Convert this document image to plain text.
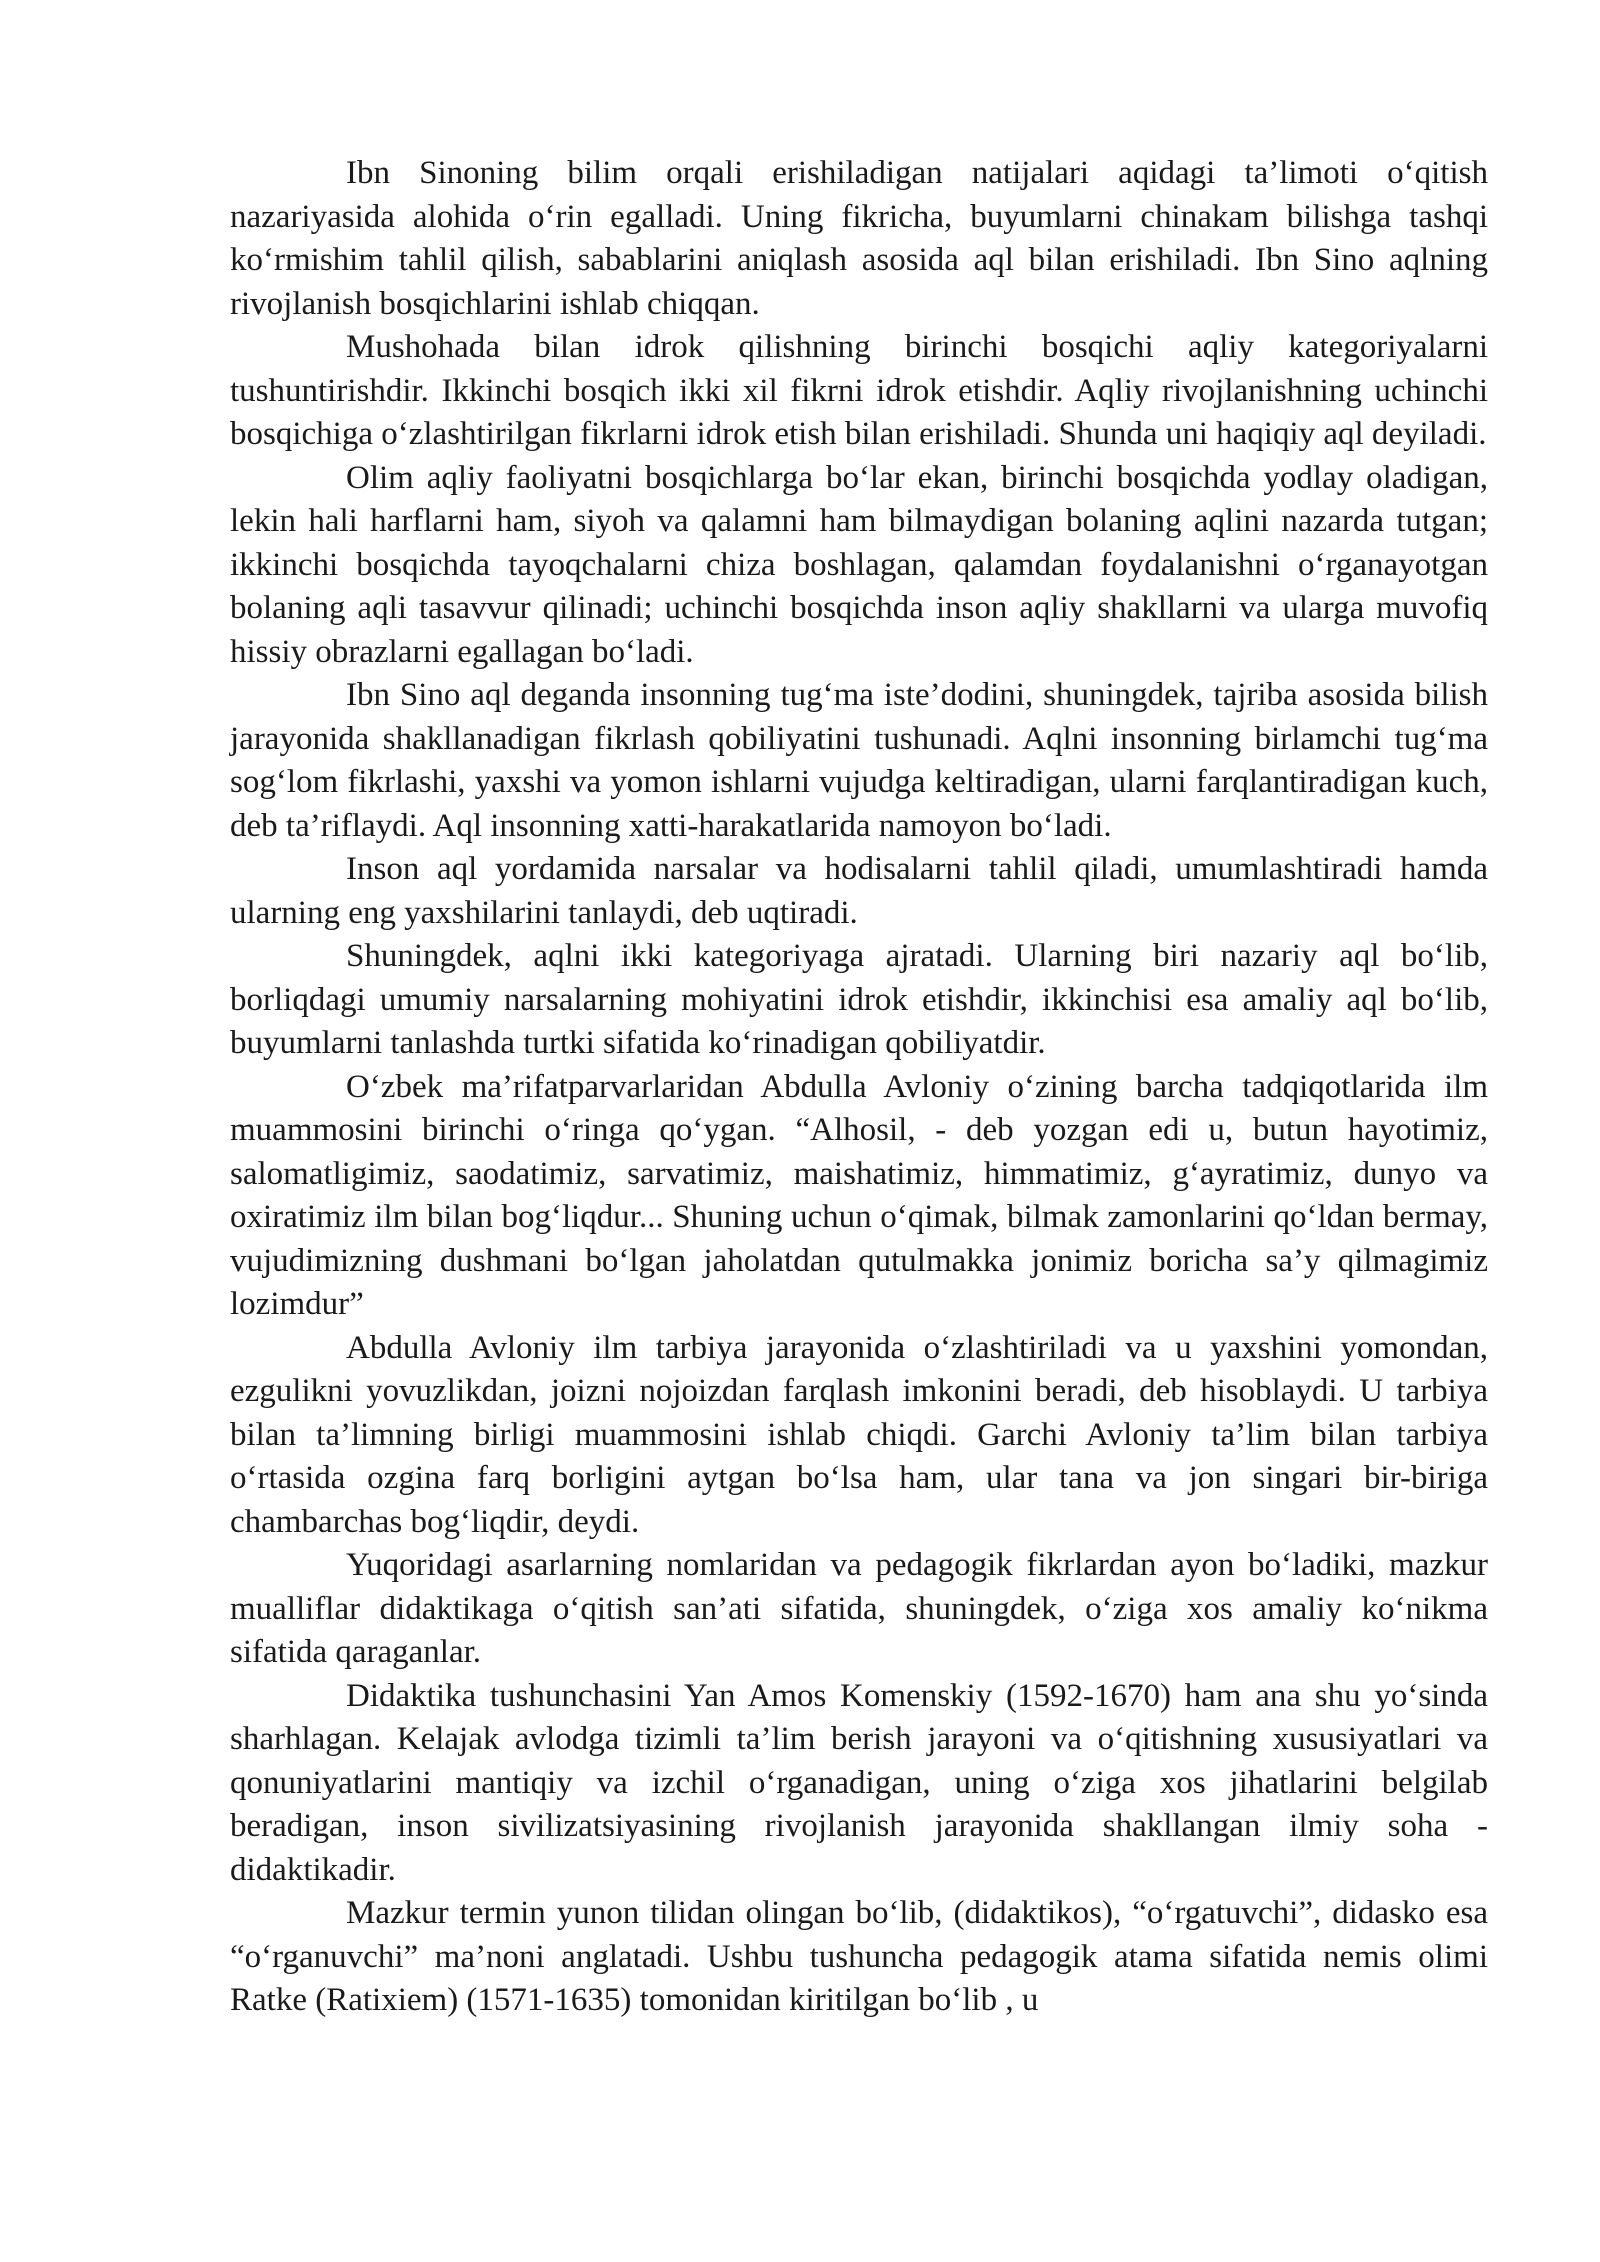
Ibn Sinoning bilim orqali erishiladigan natijalari aqidagi ta’limoti o‘qitish nazariyasida alohida o‘rin egalladi. Uning fikricha, buyumlarni chinakam bilishga tashqi ko‘rmishim tahlil qilish, sabablarini aniqlash asosida aql bilan erishiladi. Ibn Sino aqlning rivojlanish bosqichlarini ishlab chiqqan.

Mushohada bilan idrok qilishning birinchi bosqichi aqliy kategoriyalarni tushuntirishdir. Ikkinchi bosqich ikki xil fikrni idrok etishdir. Aqliy rivojlanishning uchinchi bosqichiga o‘zlashtirilgan fikrlarni idrok etish bilan erishiladi. Shunda uni haqiqiy aql deyiladi.

Olim aqliy faoliyatni bosqichlarga bo‘lar ekan, birinchi bosqichda yodlay oladigan, lekin hali harflarni ham, siyoh va qalamni ham bilmaydigan bolaning aqlini nazarda tutgan; ikkinchi bosqichda tayoqchalarni chiza boshlagan, qalamdan foydalanishni o‘rganayotgan bolaning aqli tasavvur qilinadi; uchinchi bosqichda inson aqliy shakllarni va ularga muvofiq hissiy obrazlarni egallagan bo‘ladi.

Ibn Sino aql deganda insonning tug‘ma iste’dodini, shuningdek, tajriba asosida bilish jarayonida shakllanadigan fikrlash qobiliyatini tushunadi. Aqlni insonning birlamchi tug‘ma sog‘lom fikrlashi, yaxshi va yomon ishlarni vujudga keltiradigan, ularni farqlantiradigan kuch, deb ta’riflaydi. Aql insonning xatti-harakatlarida namoyon bo‘ladi.

Inson aql yordamida narsalar va hodisalarni tahlil qiladi, umumlashtiradi hamda ularning eng yaxshilarini tanlaydi, deb uqtiradi.

Shuningdek, aqlni ikki kategoriyaga ajratadi. Ularning biri nazariy aql bo‘lib, borliqdagi umumiy narsalarning mohiyatini idrok etishdir, ikkinchisi esa amaliy aql bo‘lib, buyumlarni tanlashda turtki sifatida ko‘rinadigan qobiliyatdir.

O‘zbek ma’rifatparvarlaridan Abdulla Avloniy o‘zining barcha tadqiqotlarida ilm muammosini birinchi o‘ringa qo‘ygan. “Alhosil, - deb yozgan edi u, butun hayotimiz, salomatligimiz, saodatimiz, sarvatimiz, maishatimiz, himmatimiz, g‘ayratimiz, dunyo va oxiratimiz ilm bilan bog‘liqdur... Shuning uchun o‘qimak, bilmak zamonlarini qo‘ldan bermay, vujudimizning dushmani bo‘lgan jaholatdan qutulmakka jonimiz boricha sa’y qilmagimiz lozimdur”

Abdulla Avloniy ilm tarbiya jarayonida o‘zlashtiriladi va u yaxshini yomondan, ezgulikni yovuzlikdan, joizni nojoizdan farqlash imkonini beradi, deb hisoblaydi. U tarbiya bilan ta’limning birligi muammosini ishlab chiqdi. Garchi Avloniy ta’lim bilan tarbiya o‘rtasida ozgina farq borligini aytgan bo‘lsa ham, ular tana va jon singari bir-biriga chambarchas bog‘liqdir, deydi.

Yuqoridagi asarlarning nomlaridan va pedagogik fikrlardan ayon bo‘ladiki, mazkur mualliflar didaktikaga o‘qitish san’ati sifatida, shuningdek, o‘ziga xos amaliy ko‘nikma sifatida qaraganlar.

Didaktika tushunchasini Yan Amos Komenskiy (1592-1670) ham ana shu yo‘sinda sharhlagan. Kelajak avlodga tizimli ta’lim berish jarayoni va o‘qitishning xususiyatlari va qonuniyatlarini mantiqiy va izchil o‘rganadigan, uning o‘ziga xos jihatlarini belgilab beradigan, inson sivilizatsiyasining rivojlanish jarayonida shakllangan ilmiy soha - didaktikadir.

Mazkur termin yunon tilidan olingan bo‘lib, (didaktikos), “o‘rgatuvchi”, didasko esa “o‘rganuvchi” ma’noni anglatadi. Ushbu tushuncha pedagogik atama sifatida nemis olimi Ratke (Ratixiem) (1571-1635) tomonidan kiritilgan bo‘lib , u
